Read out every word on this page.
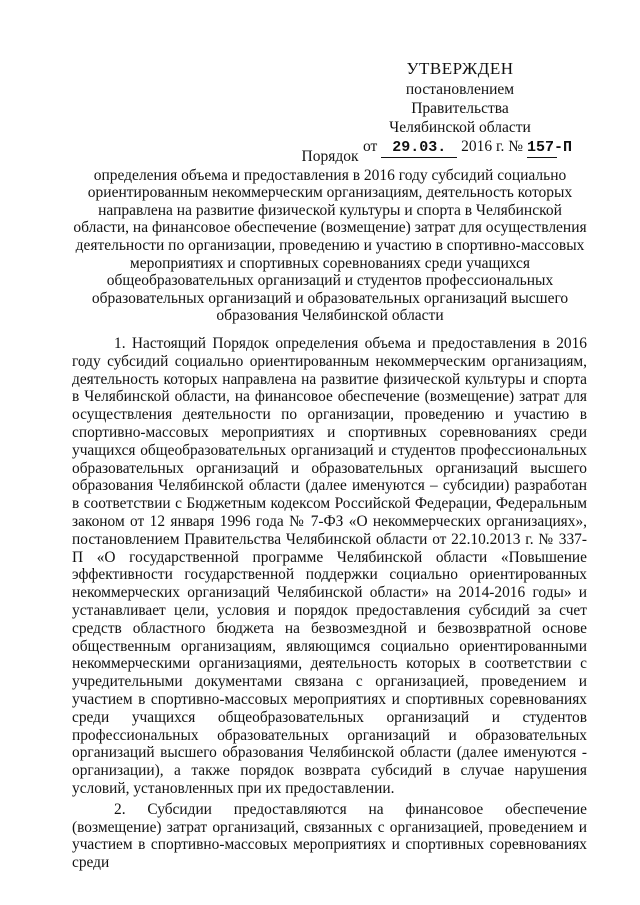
УТВЕРЖДЕН
постановлением Правительства
Челябинской области
от 29.03. 2016 г. № 157-П
Порядок
определения объема и предоставления в 2016 году субсидий социально ориентированным некоммерческим организациям, деятельность которых направлена на развитие физической культуры и спорта в Челябинской области, на финансовое обеспечение (возмещение) затрат для осуществления деятельности по организации, проведению и участию в спортивно-массовых мероприятиях и спортивных соревнованиях среди учащихся общеобразовательных организаций и студентов профессиональных образовательных организаций и образовательных организаций высшего образования Челябинской области

1. Настоящий Порядок определения объема и предоставления в 2016 году субсидий социально ориентированным некоммерческим организациям, деятельность которых направлена на развитие физической культуры и спорта в Челябинской области, на финансовое обеспечение (возмещение) затрат для осуществления деятельности по организации, проведению и участию в спортивно-массовых мероприятиях и спортивных соревнованиях среди учащихся общеобразовательных организаций и студентов профессиональных образовательных организаций и образовательных организаций высшего образования Челябинской области (далее именуются – субсидии) разработан в соответствии с Бюджетным кодексом Российской Федерации, Федеральным законом от 12 января 1996 года № 7-ФЗ «О некоммерческих организациях», постановлением Правительства Челябинской области от 22.10.2013 г. № 337-П «О государственной программе Челябинской области «Повышение эффективности государственной поддержки социально ориентированных некоммерческих организаций Челябинской области» на 2014-2016 годы» и устанавливает цели, условия и порядок предоставления субсидий за счет средств областного бюджета на безвозмездной и безвозвратной основе общественным организациям, являющимся социально ориентированными некоммерческими организациями, деятельность которых в соответствии с учредительными документами связана с организацией, проведением и участием в спортивно-массовых мероприятиях и спортивных соревнованиях среди учащихся общеобразовательных организаций и студентов профессиональных образовательных организаций и образовательных организаций высшего образования Челябинской области (далее именуются - организации), а также порядок возврата субсидий в случае нарушения условий, установленных при их предоставлении.

2. Субсидии предоставляются на финансовое обеспечение (возмещение) затрат организаций, связанных с организацией, проведением и участием в спортивно-массовых мероприятиях и спортивных соревнованиях среди
